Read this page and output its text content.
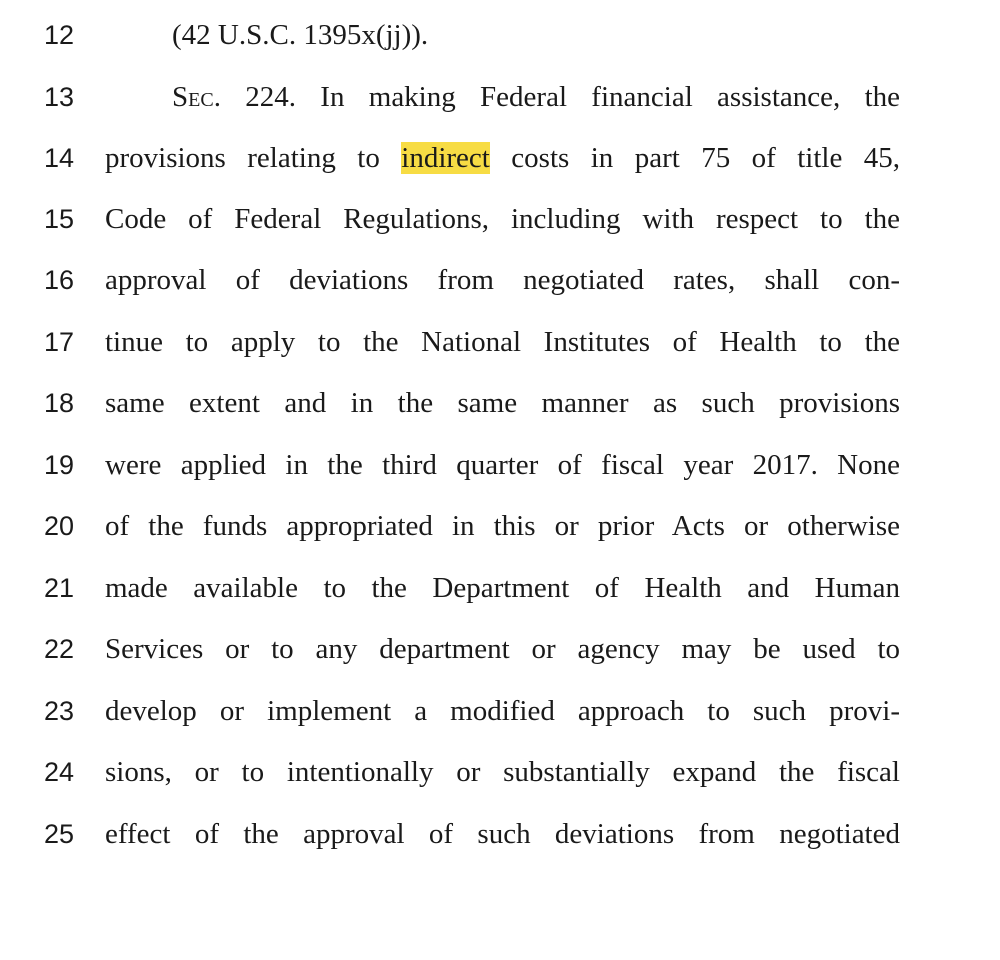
12	(42 U.S.C. 1395x(jj)).
13	Sec. 224. In making Federal financial assistance, the
14	provisions relating to indirect costs in part 75 of title 45,
15	Code of Federal Regulations, including with respect to the
16	approval of deviations from negotiated rates, shall con-
17	tinue to apply to the National Institutes of Health to the
18	same extent and in the same manner as such provisions
19	were applied in the third quarter of fiscal year 2017. None
20	of the funds appropriated in this or prior Acts or otherwise
21	made available to the Department of Health and Human
22	Services or to any department or agency may be used to
23	develop or implement a modified approach to such provi-
24	sions, or to intentionally or substantially expand the fiscal
25	effect of the approval of such deviations from negotiated
